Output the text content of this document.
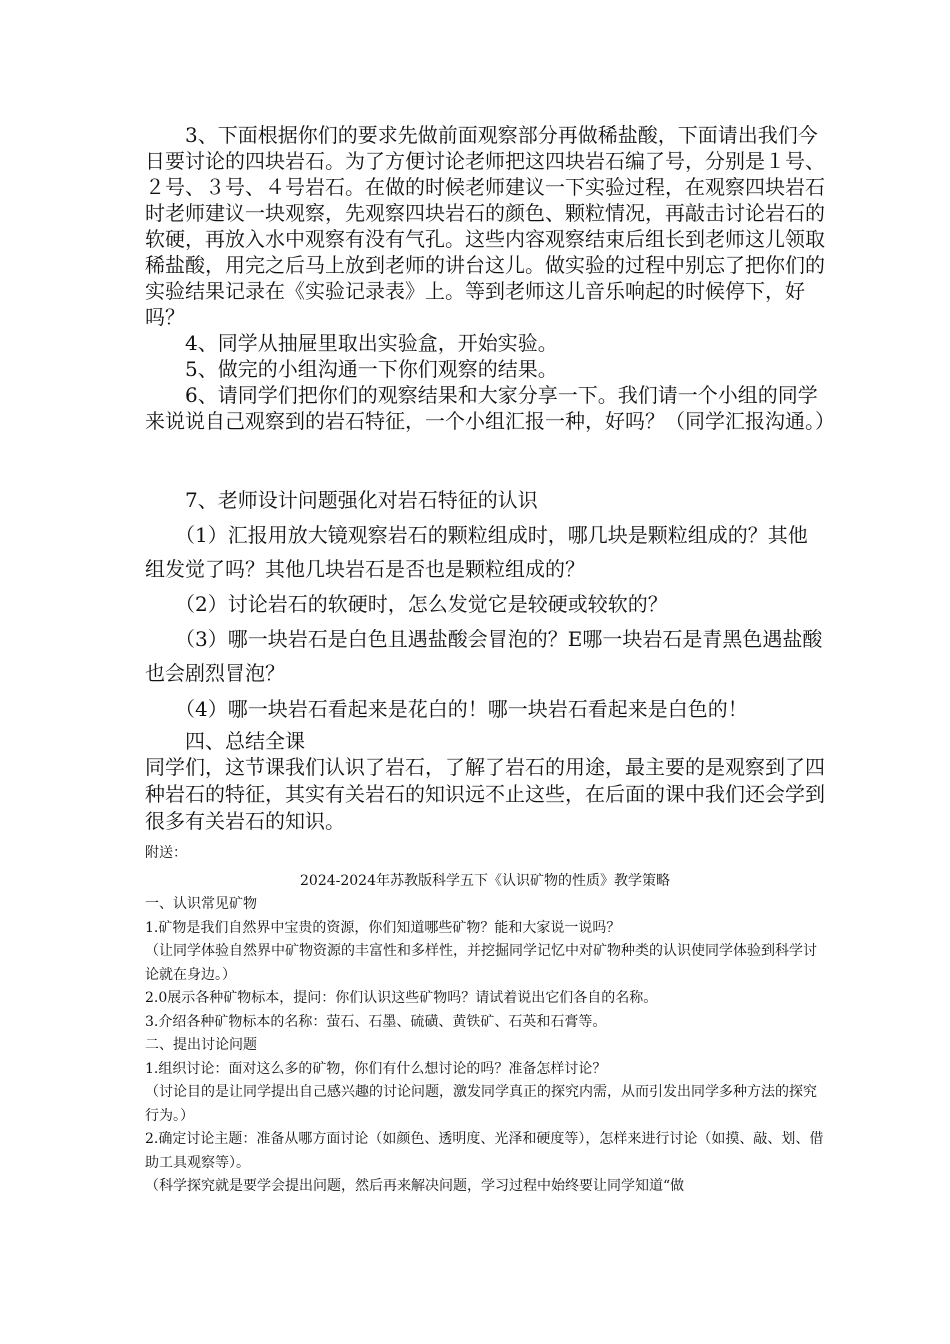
　　3、下面根据你们的要求先做前面观察部分再做稀盐酸，下面请出我们今日要讨论的四块岩石。为了方便讨论老师把这四块岩石编了号，分别是１号、２号、３号、４号岩石。在做的时候老师建议一下实验过程，在观察四块岩石时老师建议一块观察，先观察四块岩石的颜色、颗粒情况，再敲击讨论岩石的软硬，再放入水中观察有没有气孔。这些内容观察结束后组长到老师这儿领取稀盐酸，用完之后马上放到老师的讲台这儿。做实验的过程中别忘了把你们的实验结果记录在《实验记录表》上。等到老师这儿音乐响起的时候停下，好吗？

　　4、同学从抽屉里取出实验盒，开始实验。

　　5、做完的小组沟通一下你们观察的结果。

　　6、请同学们把你们的观察结果和大家分享一下。我们请一个小组的同学来说说自己观察到的岩石特征，一个小组汇报一种，好吗？（同学汇报沟通。）

　　7、老师设计问题强化对岩石特征的认识

　　（1）汇报用放大镜观察岩石的颗粒组成时，哪几块是颗粒组成的？其他组发觉了吗？其他几块岩石是否也是颗粒组成的？

　　（2）讨论岩石的软硬时，怎么发觉它是较硬或较软的？

　　（3）哪一块岩石是白色且遇盐酸会冒泡的？E哪一块岩石是青黑色遇盐酸也会剧烈冒泡？

　　（4）哪一块岩石看起来是花白的！哪一块岩石看起来是白色的！

　　四、总结全课

同学们，这节课我们认识了岩石，了解了岩石的用途，最主要的是观察到了四种岩石的特征，其实有关岩石的知识远不止这些，在后面的课中我们还会学到很多有关岩石的知识。

附送：

2024-2024年苏教版科学五下《认识矿物的性质》教学策略

一、认识常见矿物

1.矿物是我们自然界中宝贵的资源，你们知道哪些矿物？能和大家说一说吗？

（让同学体验自然界中矿物资源的丰富性和多样性，并挖掘同学记忆中对矿物种类的认识使同学体验到科学讨论就在身边。）

2.0展示各种矿物标本，提问：你们认识这些矿物吗？请试着说出它们各自的名称。

3.介绍各种矿物标本的名称：萤石、石墨、硫磺、黄铁矿、石英和石膏等。

二、提出讨论问题

1.组织讨论：面对这么多的矿物，你们有什么想讨论的吗？准备怎样讨论？

（讨论目的是让同学提出自己感兴趣的讨论问题，激发同学真正的探究内需，从而引发出同学多种方法的探究行为。）

2.确定讨论主题：准备从哪方面讨论（如颜色、透明度、光泽和硬度等），怎样来进行讨论（如摸、敲、划、借助工具观察等）。

（科学探究就是要学会提出问题，然后再来解决问题，学习过程中始终要让同学知道“做
